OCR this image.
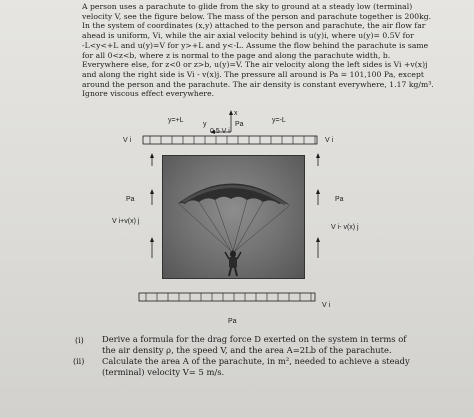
A person uses a parachute to glide from the sky to ground at a steady low (terminal)
velocity V, see the figure below. The mass of the person and parachute together is 200kg.
In the system of coordinates (x,y) attached to the person and parachute, the air flow far
ahead is uniform, Vi, while the air axial velocity behind is u(y)i, where u(y)= 0.5V for
-L<y<+L and u(y)=V for y>+L and y<-L. Assume the flow behind the parachute is same
for all 0<z<b, where z is normal to the page and along the parachute width, b.
Everywhere else, for z<0 or z>b, u(y)=V. The air velocity along the left sides is Vi +v(x)j
and along the right side is Vi - v(x)j. The pressure all around is Pa = 101,100 Pa, except
around the person and the parachute. The air density is constant everywhere, 1.17 kg/m³.
Ignore viscous effect everywhere.
y=+L	y=-L
x
y	Pa
0.5 V i
V i	V i
Pa	Pa
V i+v(x) j
V i- v(x) j
V i
Pa
(i) Derive a formula for the drag force D exerted on the system in terms of
the air density ρ, the speed V, and the area A=2Lb of the parachute.
(ii) Calculate the area A of the parachute, in m², needed to achieve a steady
(terminal) velocity V= 5 m/s.
